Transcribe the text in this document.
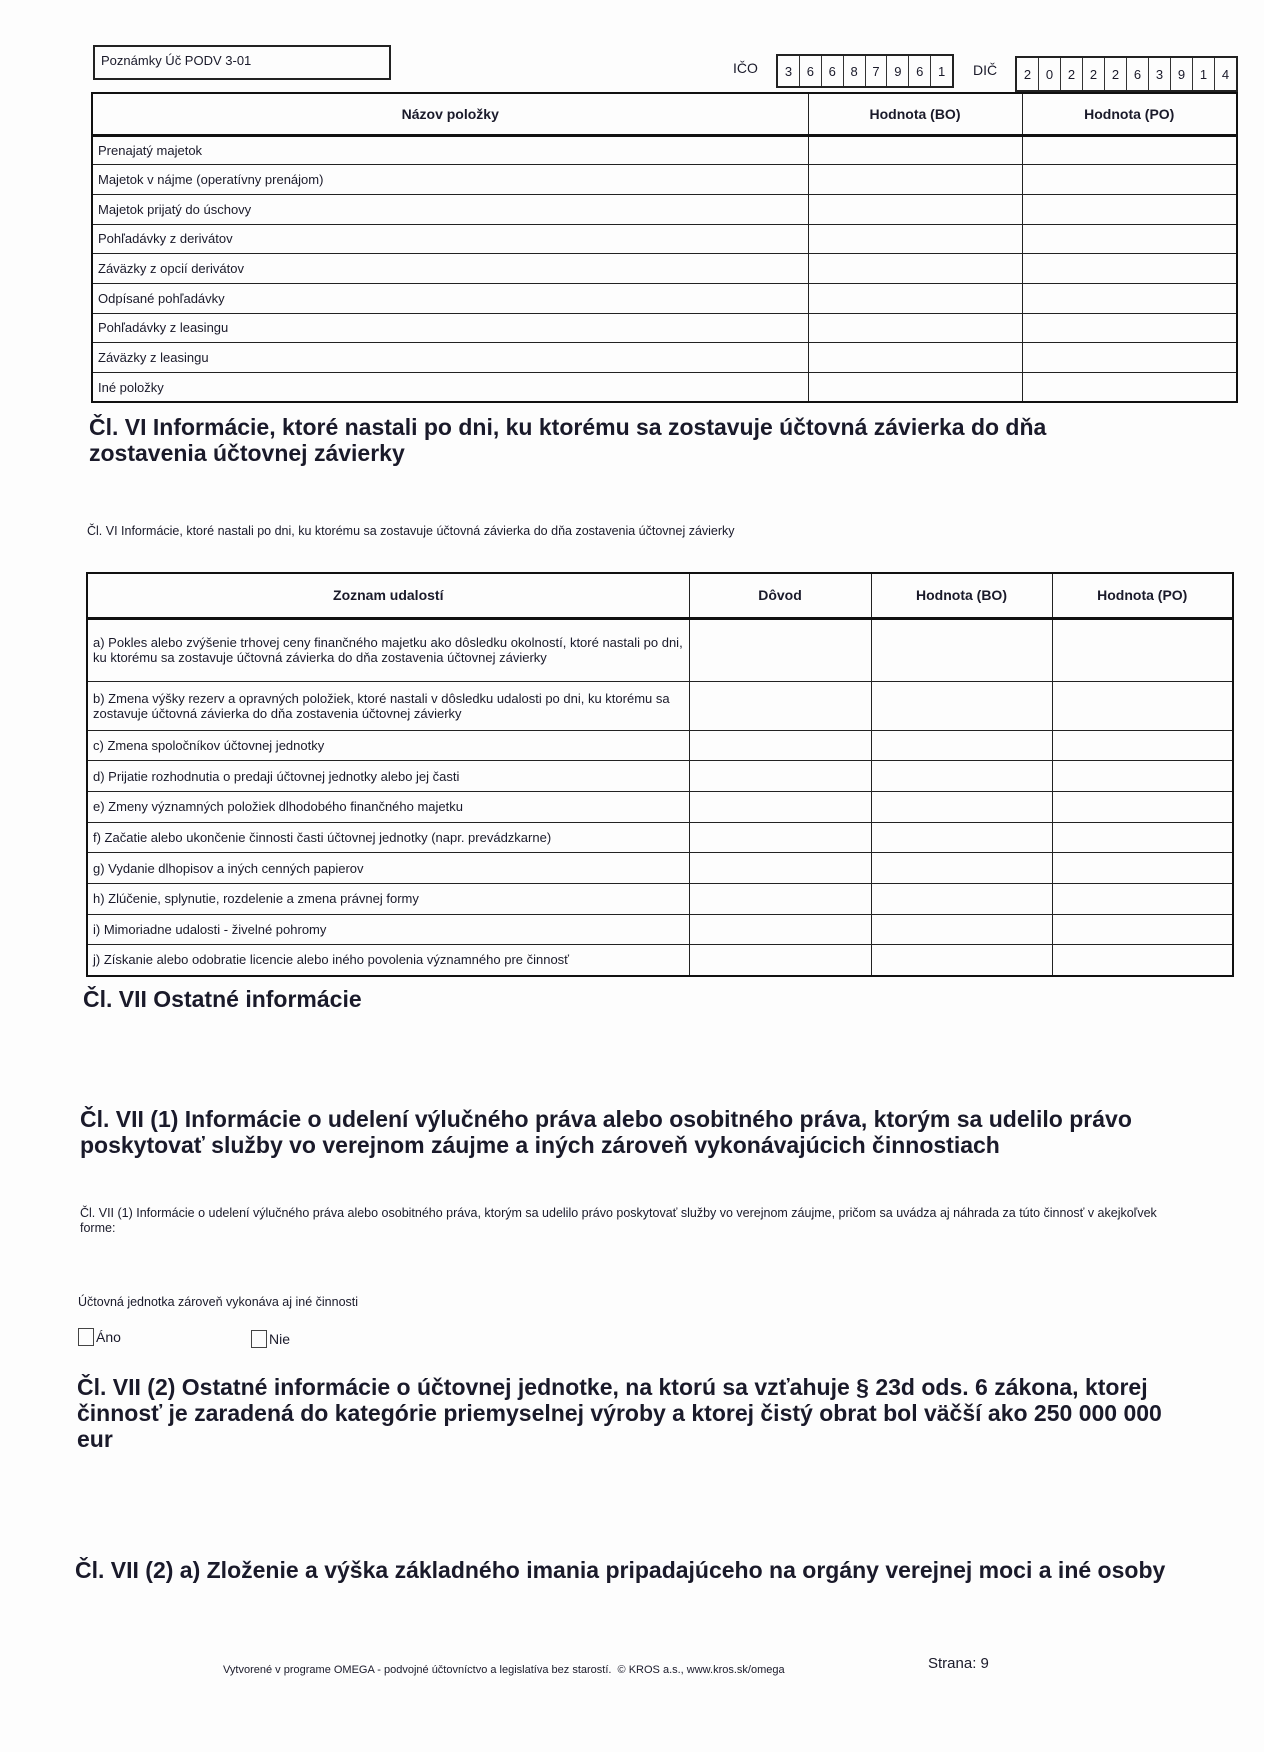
Poznámky Úč PODV 3-01	IČO	3	6	6	8	7	9	6	1	DIČ	2	0	2	2	2	6	3	9	1	4
Názov položky	Hodnota (BO)	Hodnota (PO)
Prenajatý majetok		
Majetok v nájme (operatívny prenájom)		
Majetok prijatý do úschovy		
Pohľadávky z derivátov		
Záväzky z opcií derivátov		
Odpísané pohľadávky		
Pohľadávky z leasingu		
Záväzky z leasingu		
Iné položky		
Čl. VI Informácie, ktoré nastali po dni, ku ktorému sa zostavuje účtovná závierka do dňa zostavenia účtovnej závierky
Čl. VI Informácie, ktoré nastali po dni, ku ktorému sa zostavuje účtovná závierka do dňa zostavenia účtovnej závierky
Zoznam udalostí	Dôvod	Hodnota (BO)	Hodnota (PO)
a) Pokles alebo zvýšenie trhovej ceny finančného majetku ako dôsledku okolností, ktoré nastali po dni, ku ktorému sa zostavuje účtovná závierka do dňa zostavenia účtovnej závierky			
b) Zmena výšky rezerv a opravných položiek, ktoré nastali v dôsledku udalosti po dni, ku ktorému sa zostavuje účtovná závierka do dňa zostavenia účtovnej závierky			
c) Zmena spoločníkov účtovnej jednotky			
d) Prijatie rozhodnutia o predaji účtovnej jednotky alebo jej časti			
e) Zmeny významných položiek dlhodobého finančného majetku			
f) Začatie alebo ukončenie činnosti časti účtovnej jednotky (napr. prevádzkarne)			
g) Vydanie dlhopisov a iných cenných papierov			
h) Zlúčenie, splynutie, rozdelenie a zmena právnej formy			
i) Mimoriadne udalosti - živelné pohromy			
j) Získanie alebo odobratie licencie alebo iného povolenia významného pre činnosť			
Čl. VII Ostatné informácie
Čl. VII (1) Informácie o udelení výlučného práva alebo osobitného práva, ktorým sa udelilo právo poskytovať služby vo verejnom záujme a iných zároveň vykonávajúcich činnostiach
Čl. VII (1) Informácie o udelení výlučného práva alebo osobitného práva, ktorým sa udelilo právo poskytovať služby vo verejnom záujme, pričom sa uvádza aj náhrada za túto činnosť v akejkoľvek forme:
Účtovná jednotka zároveň vykonáva aj iné činnosti
Áno	Nie
Čl. VII (2) Ostatné informácie o účtovnej jednotke, na ktorú sa vzťahuje § 23d ods. 6 zákona, ktorej činnosť je zaradená do kategórie priemyselnej výroby a ktorej čistý obrat bol väčší ako 250 000 000 eur
Čl. VII (2) a) Zloženie a výška základného imania pripadajúceho na orgány verejnej moci a iné osoby
Vytvorené v programe OMEGA - podvojné účtovníctvo a legislatíva bez starostí.  © KROS a.s., www.kros.sk/omega	Strana: 9
